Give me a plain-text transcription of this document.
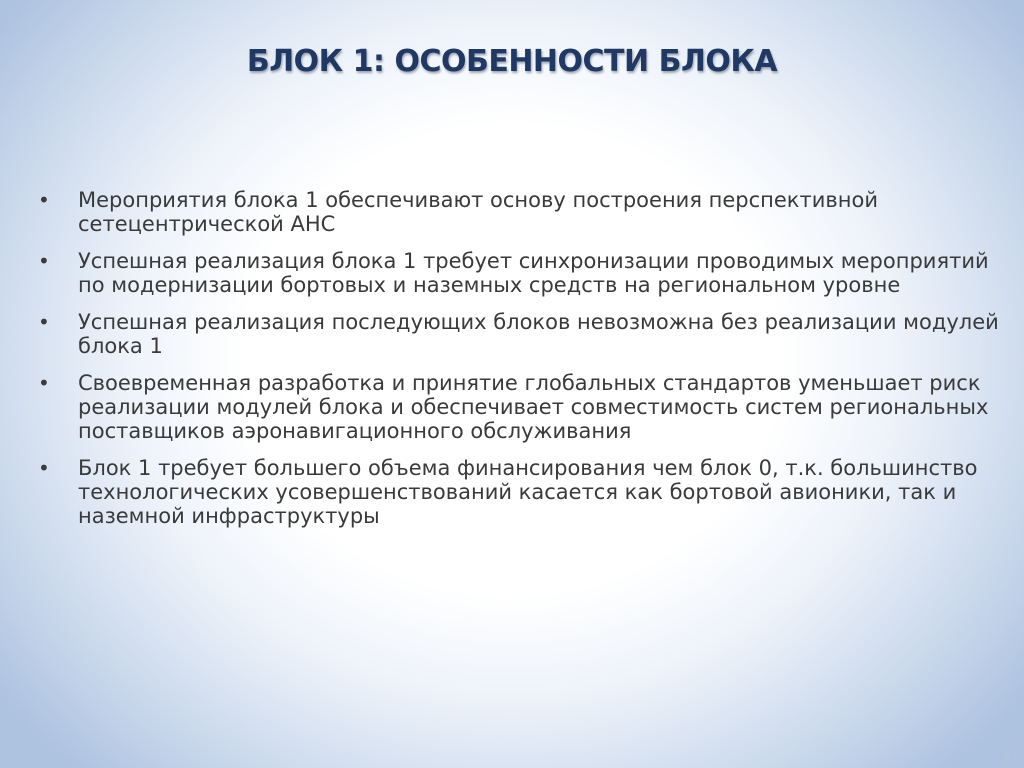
БЛОК 1: ОСОБЕННОСТИ БЛОКА
• Мероприятия блока 1 обеспечивают основу построения перспективной сетецентрической АНС
• Успешная реализация блока 1 требует синхронизации проводимых мероприятий по модернизации бортовых и наземных средств на региональном уровне
• Успешная реализация последующих блоков невозможна без реализации модулей блока 1
• Своевременная разработка и принятие глобальных стандартов уменьшает риск реализации модулей блока и обеспечивает совместимость систем региональных поставщиков аэронавигационного обслуживания
• Блок 1 требует большего объема финансирования чем блок 0, т.к. большинство технологических усовершенствований касается как бортовой авионики, так и наземной инфраструктуры
22
